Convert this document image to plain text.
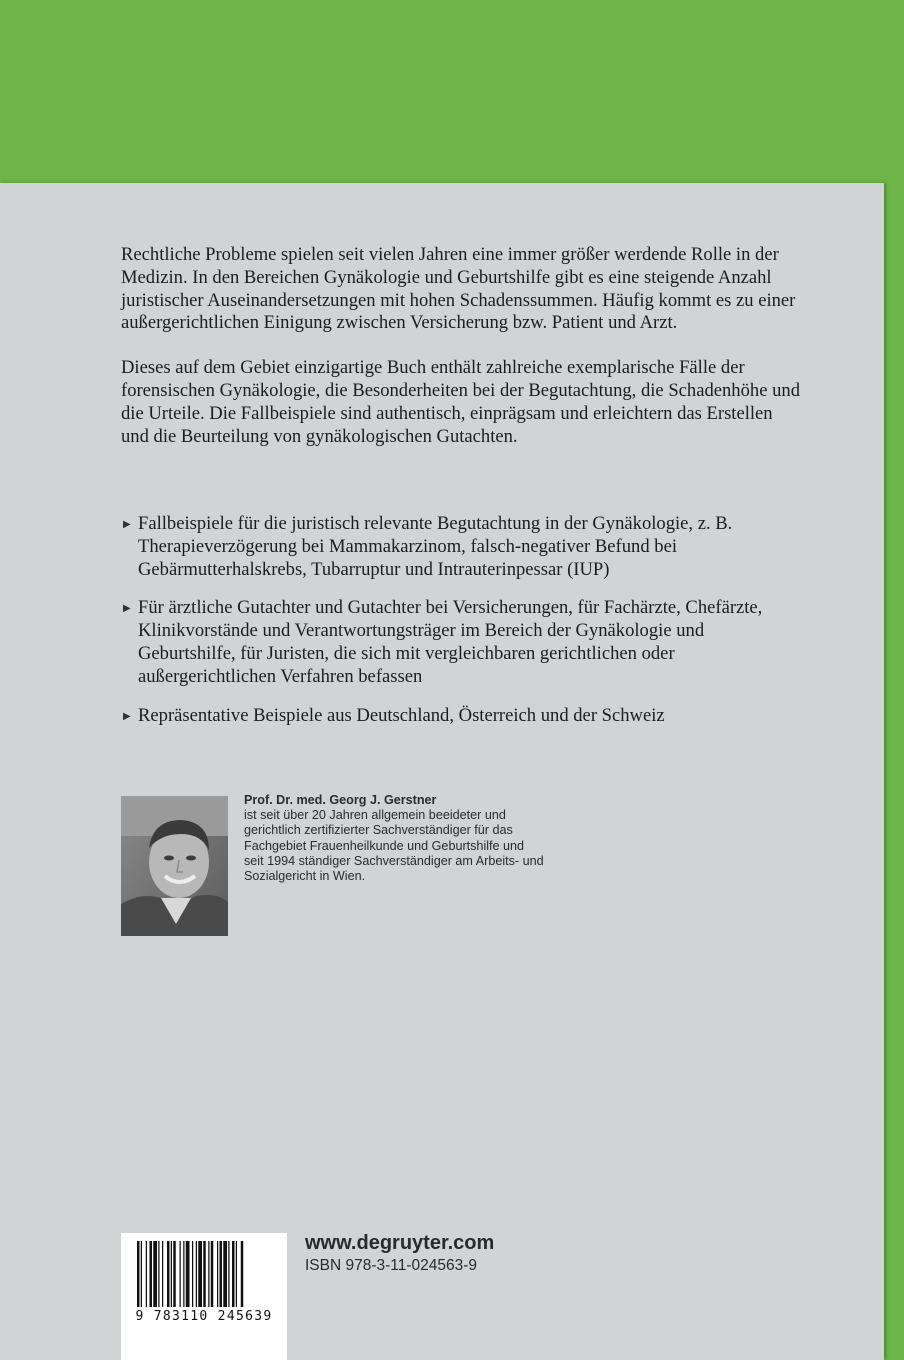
Rechtliche Probleme spielen seit vielen Jahren eine immer größer werdende Rolle in der Medizin. In den Bereichen Gynäkologie und Geburtshilfe gibt es eine steigende Anzahl juristischer Auseinandersetzungen mit hohen Schadenssummen. Häufig kommt es zu einer außergerichtlichen Einigung zwischen Versicherung bzw. Patient und Arzt.

Dieses auf dem Gebiet einzigartige Buch enthält zahlreiche exemplarische Fälle der forensischen Gynäkologie, die Besonderheiten bei der Begutachtung, die Schadenhöhe und die Urteile. Die Fallbeispiele sind authentisch, einprägsam und erleichtern das Erstellen und die Beurteilung von gynäkologischen Gutachten.

▶ Fallbeispiele für die juristisch relevante Begutachtung in der Gynäkologie, z. B. Therapieverzögerung bei Mammakarzinom, falsch-negativer Befund bei Gebärmutterhalskrebs, Tubarruptur und Intrauterinpessar (IUP)
▶ Für ärztliche Gutachter und Gutachter bei Versicherungen, für Fachärzte, Chefärzte, Klinikvorstände und Verantwortungsträger im Bereich der Gynäkologie und Geburtshilfe, für Juristen, die sich mit vergleichbaren gerichtlichen oder außergerichtlichen Verfahren befassen
▶ Repräsentative Beispiele aus Deutschland, Österreich und der Schweiz
Prof. Dr. med. Georg J. Gerstner
ist seit über 20 Jahren allgemein beeideter und gerichtlich zertifizierter Sachverständiger für das Fachgebiet Frauenheilkunde und Geburtshilfe und seit 1994 ständiger Sachverständiger am Arbeits- und Sozialgericht in Wien.
9 783110 245639
www.degruyter.com
ISBN 978-3-11-024563-9
